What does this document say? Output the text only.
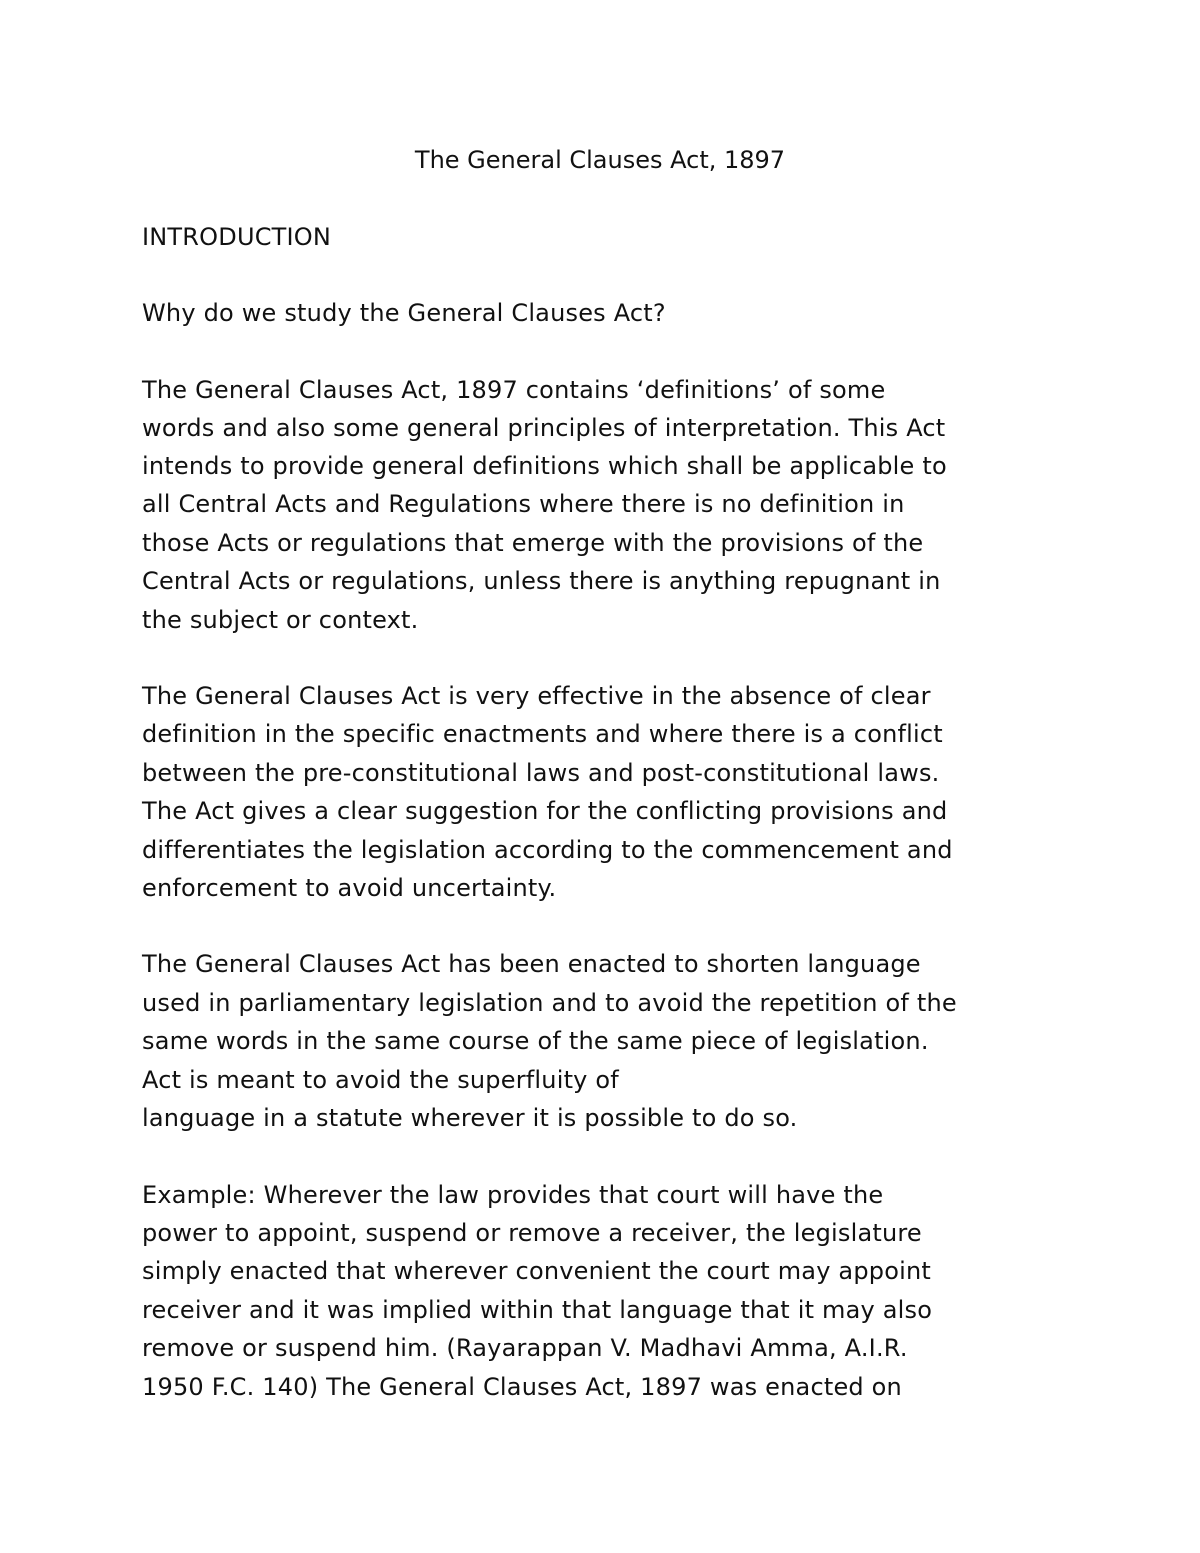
The General Clauses Act, 1897
INTRODUCTION
Why do we study the General Clauses Act?
The General Clauses Act, 1897 contains ‘definitions’ of some
words and also some general principles of interpretation. This Act
intends to provide general definitions which shall be applicable to
all Central Acts and Regulations where there is no definition in
those Acts or regulations that emerge with the provisions of the
Central Acts or regulations, unless there is anything repugnant in
the subject or context.
The General Clauses Act is very effective in the absence of clear
definition in the specific enactments and where there is a conflict
between the pre-constitutional laws and post-constitutional laws.
The Act gives a clear suggestion for the conflicting provisions and
differentiates the legislation according to the commencement and
enforcement to avoid uncertainty.
The General Clauses Act has been enacted to shorten language
used in parliamentary legislation and to avoid the repetition of the
same words in the same course of the same piece of legislation.
Act is meant to avoid the superfluity of
language in a statute wherever it is possible to do so.
Example: Wherever the law provides that court will have the
power to appoint, suspend or remove a receiver, the legislature
simply enacted that wherever convenient the court may appoint
receiver and it was implied within that language that it may also
remove or suspend him. (Rayarappan V. Madhavi Amma, A.I.R.
1950 F.C. 140) The General Clauses Act, 1897 was enacted on
